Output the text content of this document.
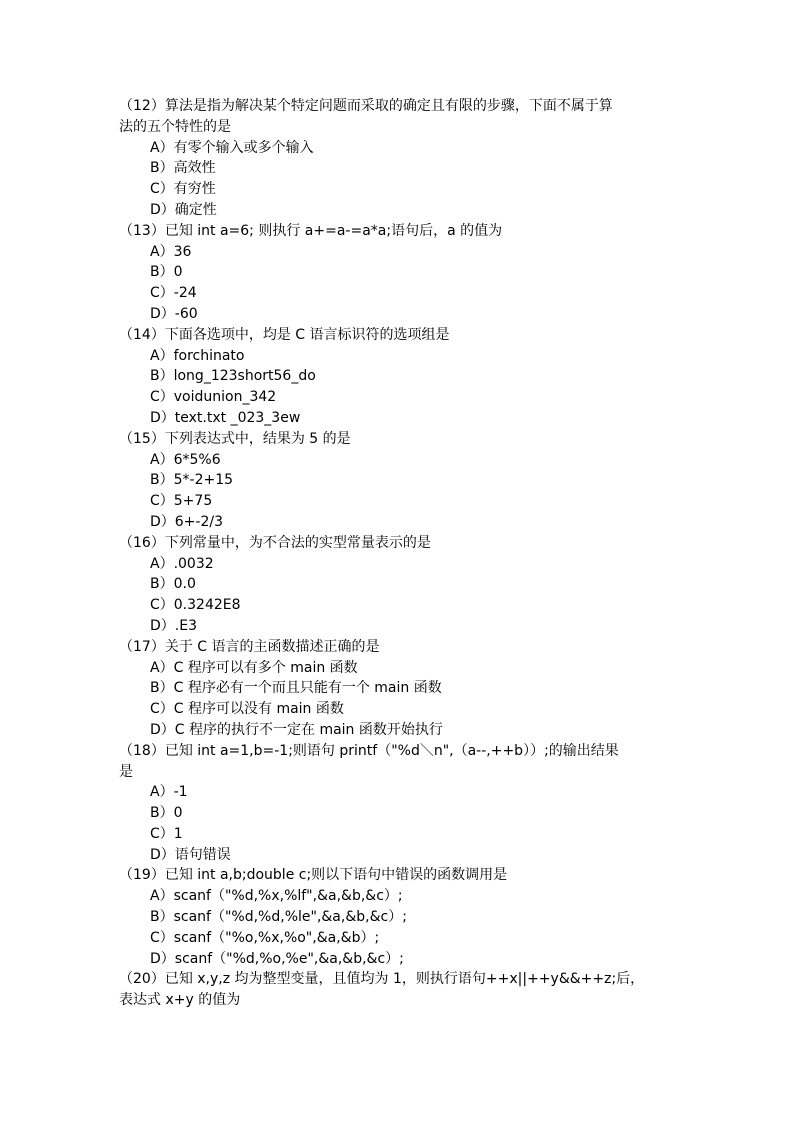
（12）算法是指为解决某个特定问题而采取的确定且有限的步骤，下面不属于算
法的五个特性的是
A）有零个输入或多个输入
B）高效性
C）有穷性
D）确定性
（13）已知 int a=6; 则执行 a+=a-=a*a;语句后，a 的值为
A）36
B）0
C）-24
D）-60
（14）下面各选项中，均是 C 语言标识符的选项组是
A）forchinato
B）long_123short56_do
C）voidunion_342
D）text.txt _023_3ew
（15）下列表达式中，结果为 5 的是
A）6*5%6
B）5*-2+15
C）5+75
D）6+-2/3
（16）下列常量中，为不合法的实型常量表示的是
A）.0032
B）0.0
C）0.3242E8
D）.E3
（17）关于 C 语言的主函数描述正确的是
A）C 程序可以有多个 main 函数
B）C 程序必有一个而且只能有一个 main 函数
C）C 程序可以没有 main 函数
D）C 程序的执行不一定在 main 函数开始执行
（18）已知 int a=1,b=-1;则语句 printf（"%d＼n",（a--,++b））;的输出结果
是
A）-1
B）0
C）1
D）语句错误
（19）已知 int a,b;double c;则以下语句中错误的函数调用是
A）scanf（"%d,%x,%lf",&a,&b,&c）;
B）scanf（"%d,%d,%le",&a,&b,&c）;
C）scanf（"%o,%x,%o",&a,&b）;
D）scanf（"%d,%o,%e",&a,&b,&c）;
（20）已知 x,y,z 均为整型变量，且值均为 1，则执行语句++x||++y&&++z;后，
表达式 x+y 的值为
